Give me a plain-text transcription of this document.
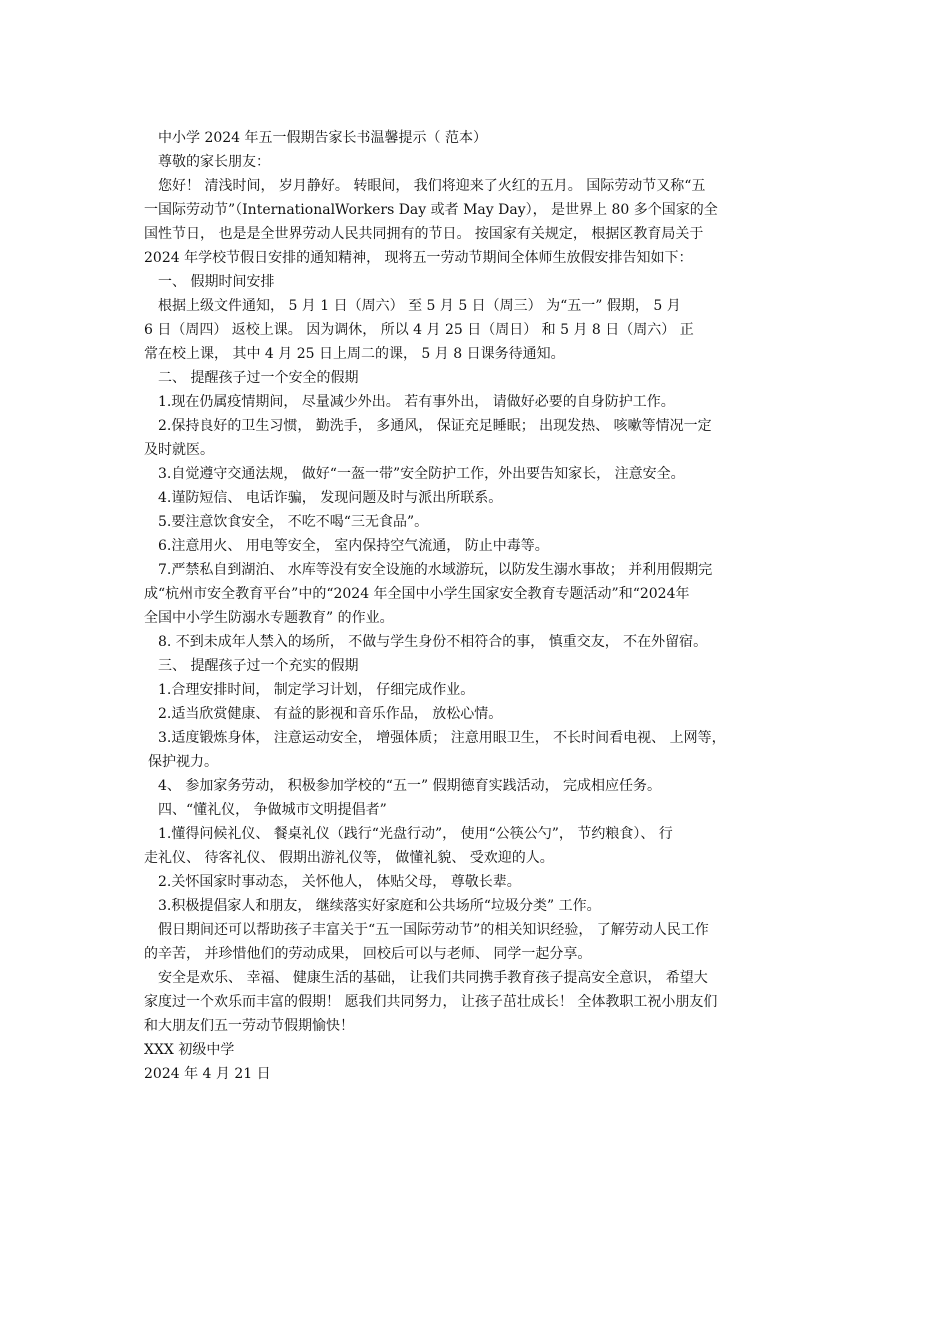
中小学 2024 年五一假期告家长书温馨提示（ 范本）
尊敬的家长朋友：
您好！ 清浅时间， 岁月静好。 转眼间， 我们将迎来了火红的五月。 国际劳动节又称“五
一国际劳动节”（InternationalWorkers Day 或者 May Day）， 是世界上 80 多个国家的全
国性节日， 也是是全世界劳动人民共同拥有的节日。 按国家有关规定， 根据区教育局关于
2024 年学校节假日安排的通知精神， 现将五一劳动节期间全体师生放假安排告知如下：
一、 假期时间安排
根据上级文件通知， 5 月 1 日（周六） 至 5 月 5 日（周三） 为“五一” 假期， 5 月
6 日（周四） 返校上课。 因为调休， 所以 4 月 25 日（周日） 和 5 月 8 日（周六） 正
常在校上课， 其中 4 月 25 日上周二的课， 5 月 8 日课务待通知。
二、 提醒孩子过一个安全的假期
1.现在仍属疫情期间， 尽量减少外出。 若有事外出， 请做好必要的自身防护工作。
2.保持良好的卫生习惯， 勤洗手， 多通风， 保证充足睡眠； 出现发热、 咳嗽等情况一定
及时就医。
3.自觉遵守交通法规， 做好“一盔一带”安全防护工作，外出要告知家长， 注意安全。
4.谨防短信、 电话诈骗， 发现问题及时与派出所联系。
5.要注意饮食安全， 不吃不喝“三无食品”。
6.注意用火、 用电等安全， 室内保持空气流通， 防止中毒等。
7.严禁私自到湖泊、 水库等没有安全设施的水域游玩，以防发生溺水事故； 并利用假期完
成“杭州市安全教育平台”中的“2024 年全国中小学生国家安全教育专题活动”和“2024年
全国中小学生防溺水专题教育” 的作业。
8. 不到未成年人禁入的场所， 不做与学生身份不相符合的事， 慎重交友， 不在外留宿。
三、 提醒孩子过一个充实的假期
1.合理安排时间， 制定学习计划， 仔细完成作业。
2.适当欣赏健康、 有益的影视和音乐作品， 放松心情。
3.适度锻炼身体， 注意运动安全， 增强体质； 注意用眼卫生， 不长时间看电视、 上网等，
保护视力。
4、 参加家务劳动， 积极参加学校的“五一” 假期德育实践活动， 完成相应任务。
四、“懂礼仪， 争做城市文明提倡者”
1.懂得问候礼仪、 餐桌礼仪（践行“光盘行动”， 使用“公筷公勺”， 节约粮食）、 行
走礼仪、 待客礼仪、 假期出游礼仪等， 做懂礼貌、 受欢迎的人。
2.关怀国家时事动态， 关怀他人， 体贴父母， 尊敬长辈。
3.积极提倡家人和朋友， 继续落实好家庭和公共场所“垃圾分类” 工作。
假日期间还可以帮助孩子丰富关于“五一国际劳动节”的相关知识经验， 了解劳动人民工作
的辛苦， 并珍惜他们的劳动成果， 回校后可以与老师、 同学一起分享。
安全是欢乐、 幸福、 健康生活的基础， 让我们共同携手教育孩子提高安全意识， 希望大
家度过一个欢乐而丰富的假期！ 愿我们共同努力， 让孩子茁壮成长！ 全体教职工祝小朋友们
和大朋友们五一劳动节假期愉快！
XXX 初级中学
2024 年 4 月 21 日
